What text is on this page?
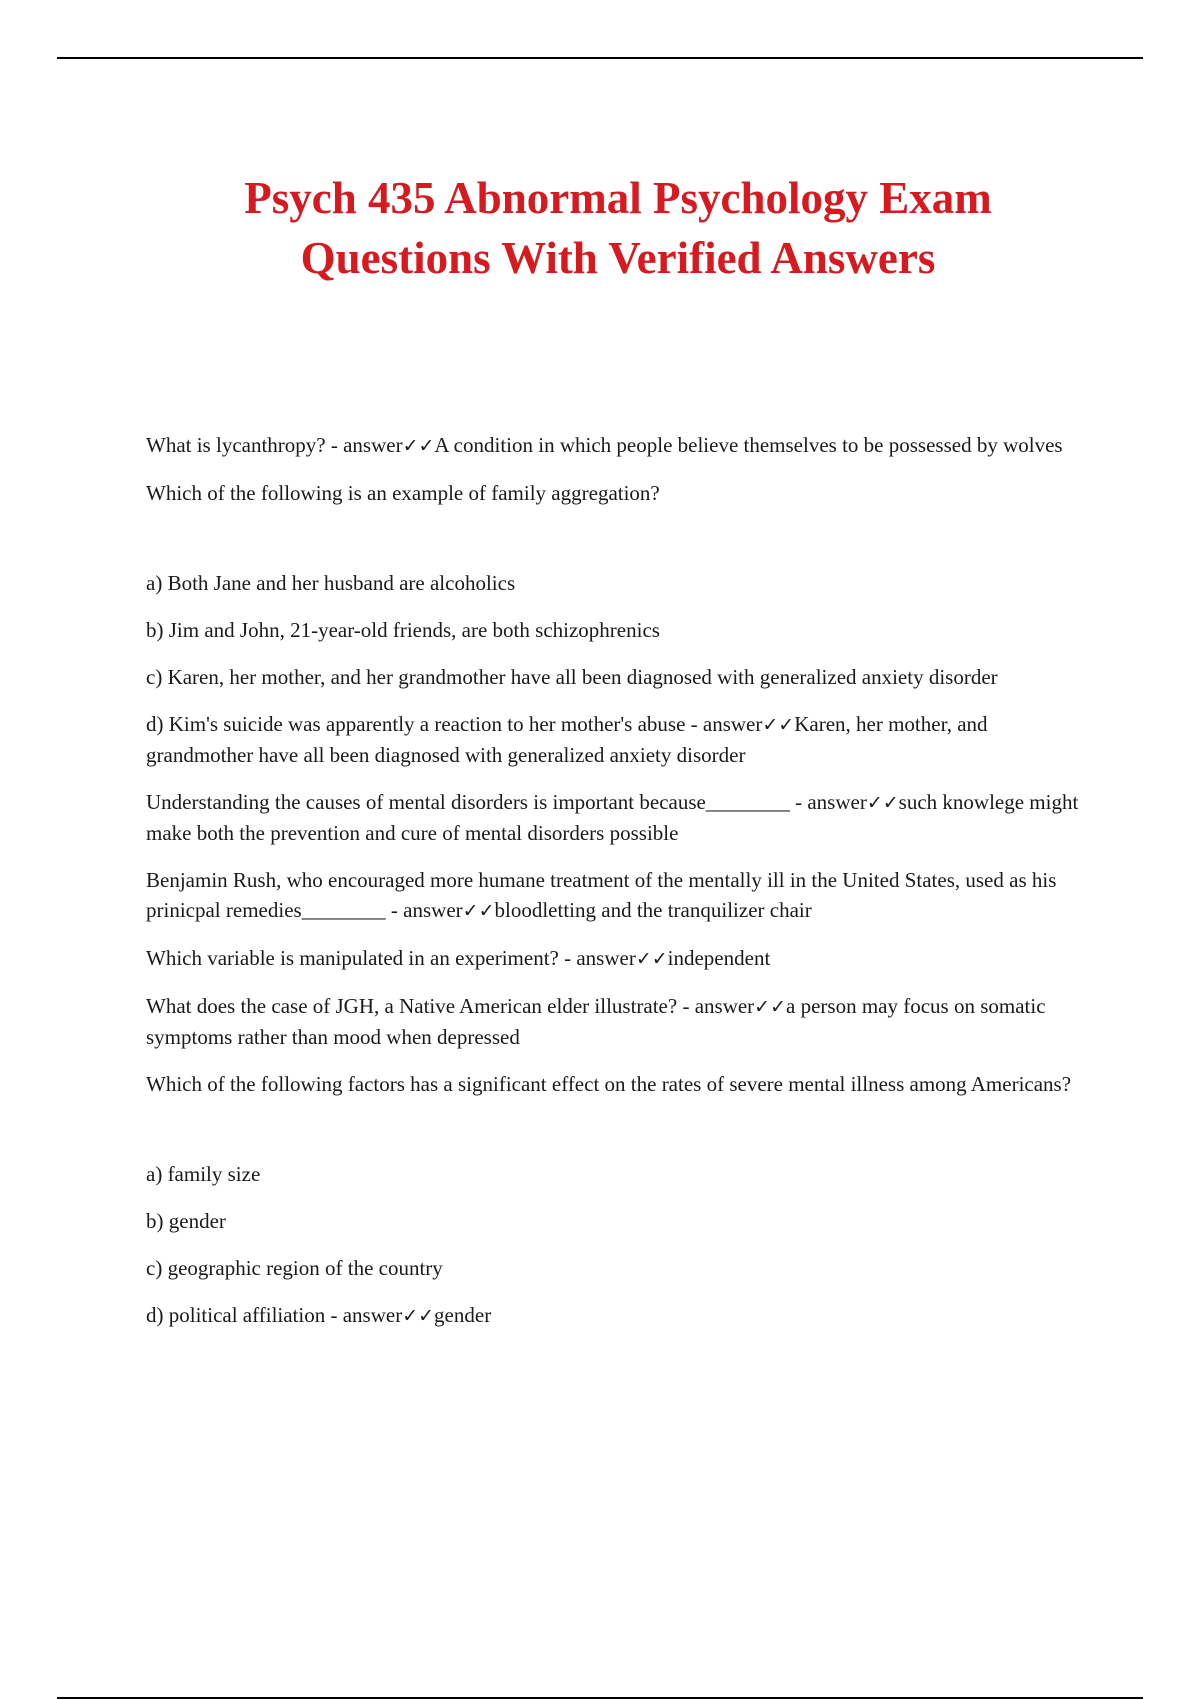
Psych 435 Abnormal Psychology Exam
Questions With Verified Answers

What is lycanthropy? - answer✓✓A condition in which people believe themselves to be possessed by wolves

Which of the following is an example of family aggregation?

a) Both Jane and her husband are alcoholics

b) Jim and John, 21-year-old friends, are both schizophrenics

c) Karen, her mother, and her grandmother have all been diagnosed with generalized anxiety disorder

d) Kim's suicide was apparently a reaction to her mother's abuse - answer✓✓Karen, her mother, and grandmother have all been diagnosed with generalized anxiety disorder

Understanding the causes of mental disorders is important because________ - answer✓✓such knowlege might make both the prevention and cure of mental disorders possible

Benjamin Rush, who encouraged more humane treatment of the mentally ill in the United States, used as his prinicpal remedies________ - answer✓✓bloodletting and the tranquilizer chair

Which variable is manipulated in an experiment? - answer✓✓independent

What does the case of JGH, a Native American elder illustrate? - answer✓✓a person may focus on somatic symptoms rather than mood when depressed

Which of the following factors has a significant effect on the rates of severe mental illness among Americans?

a) family size

b) gender

c) geographic region of the country

d) political affiliation - answer✓✓gender
